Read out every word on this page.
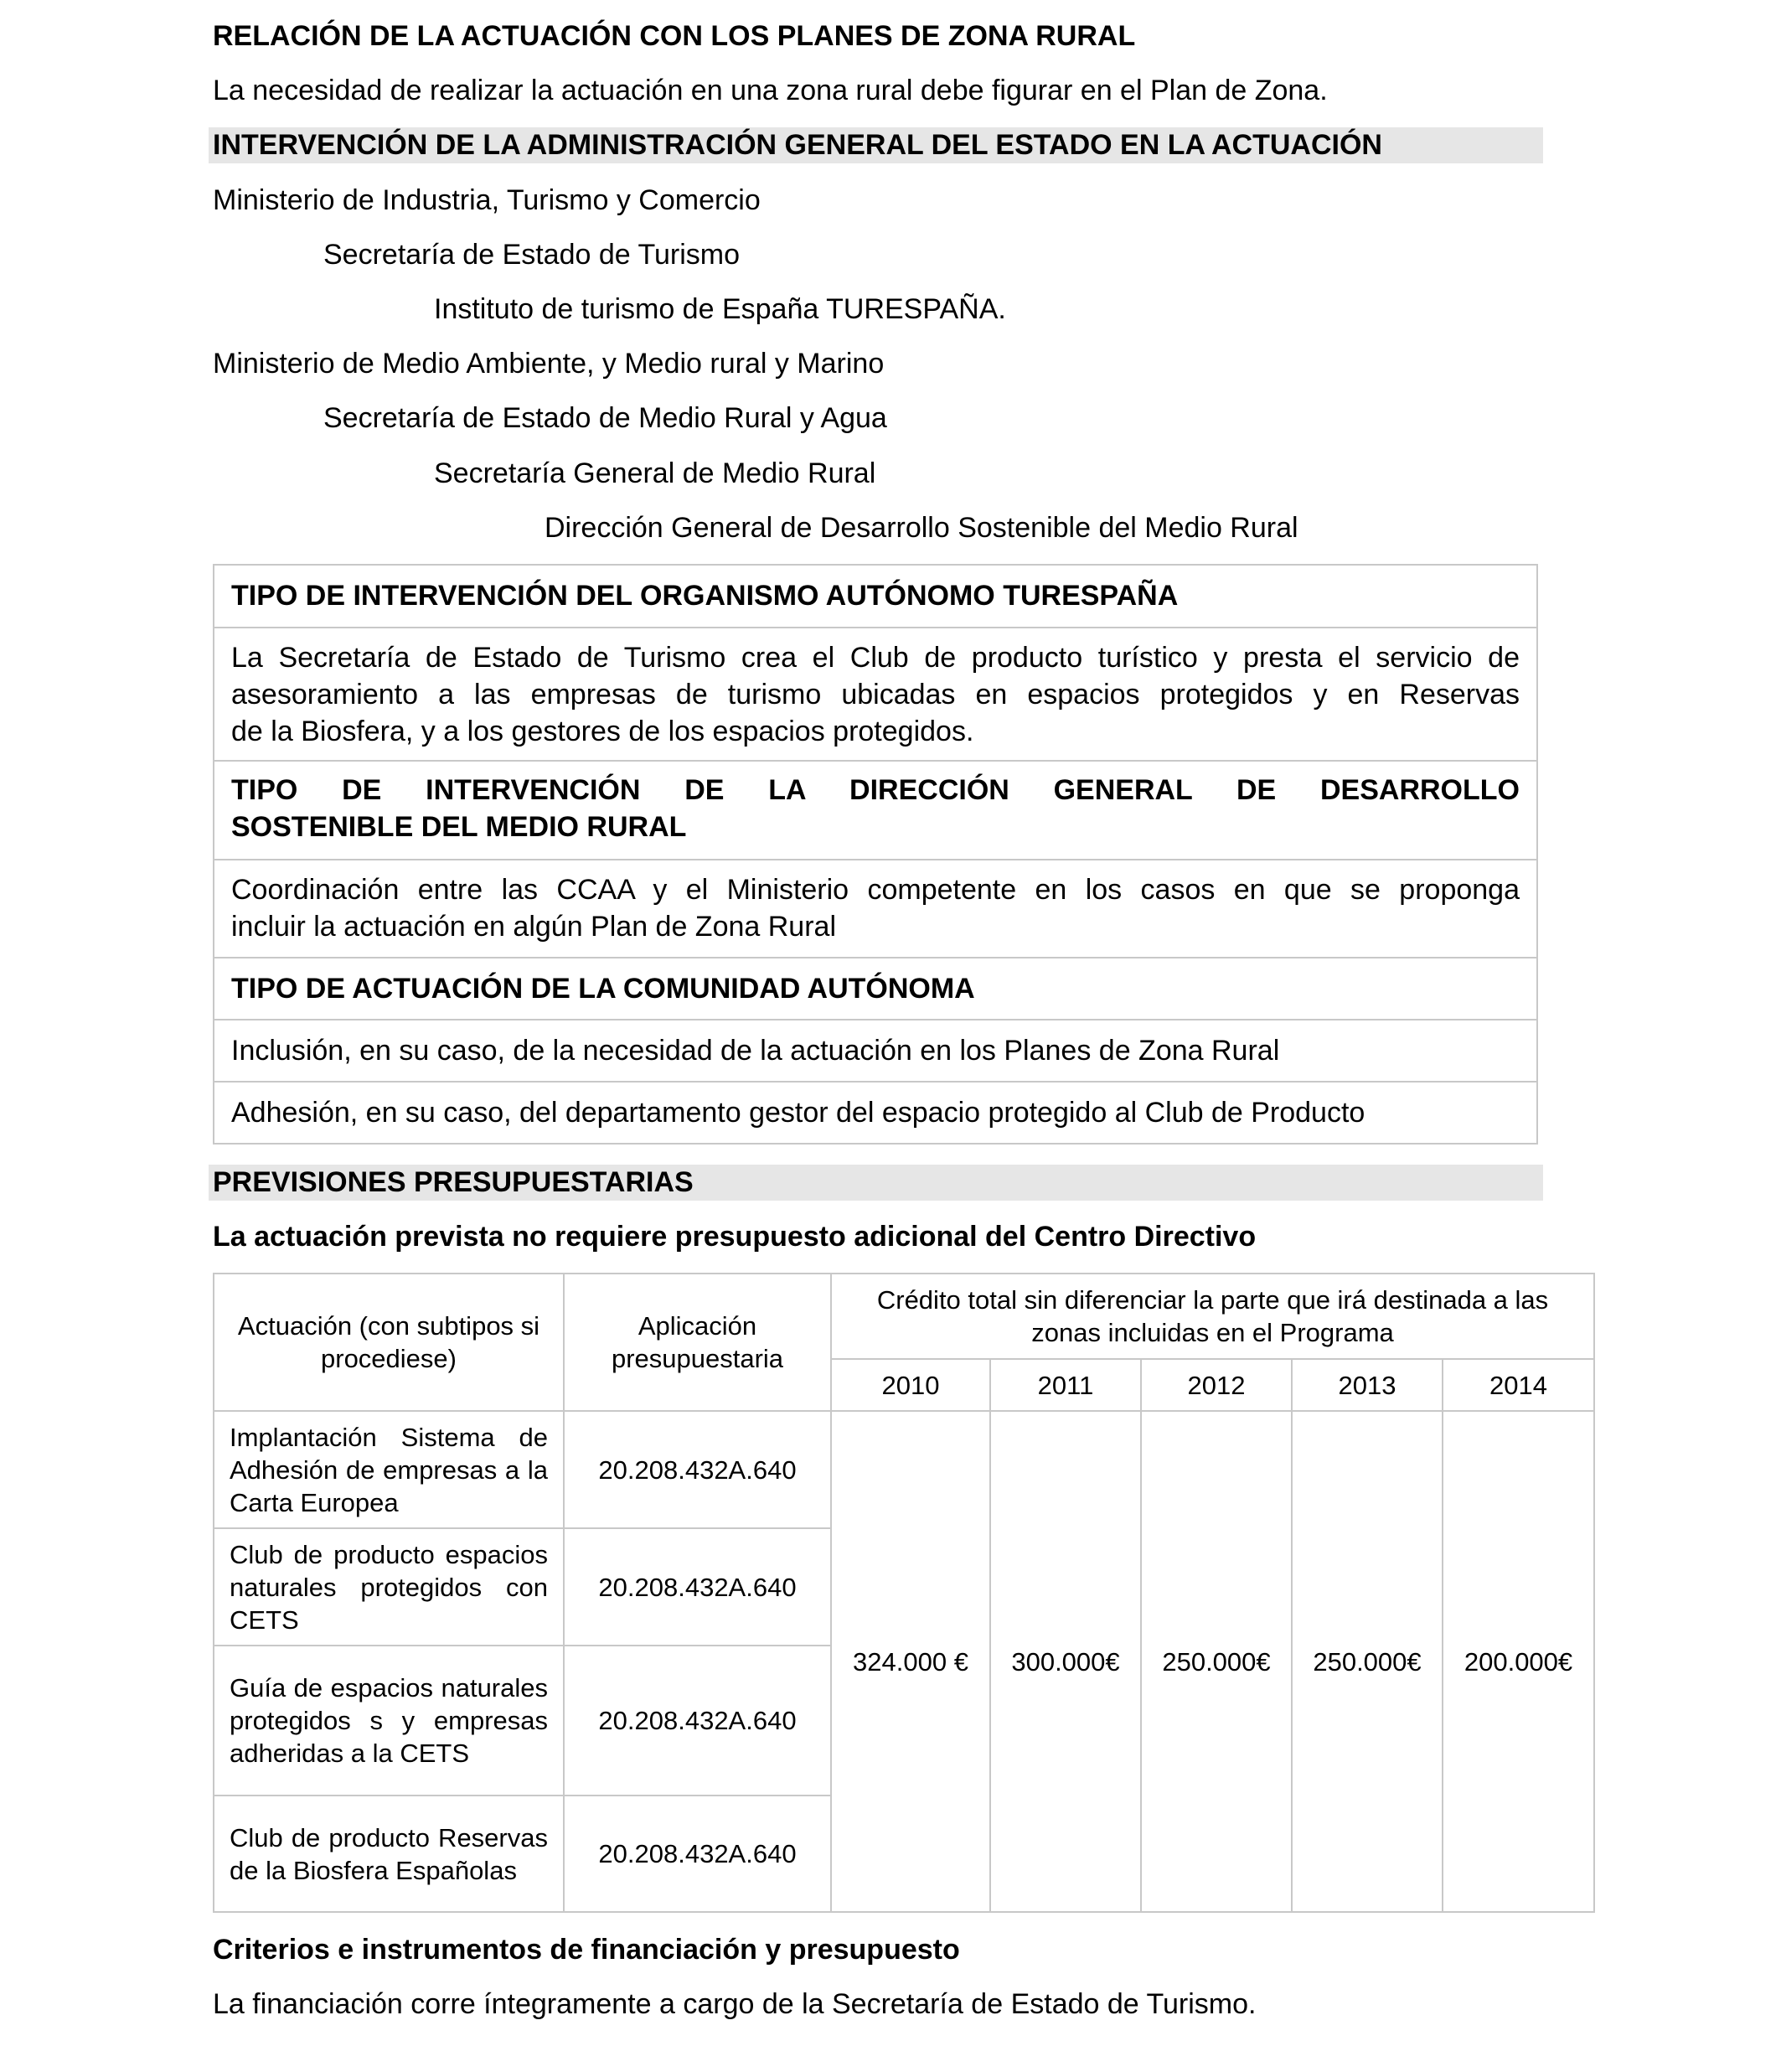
RELACIÓN DE LA ACTUACIÓN CON LOS PLANES DE ZONA RURAL
La necesidad de realizar la actuación en una zona rural debe figurar en el Plan de Zona.
INTERVENCIÓN DE LA ADMINISTRACIÓN GENERAL DEL ESTADO EN LA ACTUACIÓN
Ministerio de Industria, Turismo y Comercio
Secretaría de Estado de Turismo
Instituto de turismo de España TURESPAÑA.
Ministerio de Medio Ambiente, y Medio rural y Marino
Secretaría de Estado de Medio Rural y Agua
Secretaría General de Medio Rural
Dirección General de Desarrollo Sostenible del Medio Rural
TIPO DE INTERVENCIÓN DEL ORGANISMO AUTÓNOMO TURESPAÑA
La Secretaría de Estado de Turismo crea el Club de producto turístico y presta el servicio de
asesoramiento a las empresas de turismo ubicadas en espacios protegidos y en Reservas
de la Biosfera, y a los gestores de los espacios protegidos.
TIPO DE INTERVENCIÓN DE LA DIRECCIÓN GENERAL DE DESARROLLO
SOSTENIBLE DEL MEDIO RURAL
Coordinación entre las CCAA y el Ministerio competente en los casos en que se proponga
incluir la actuación en algún Plan de Zona Rural
TIPO DE ACTUACIÓN DE LA COMUNIDAD AUTÓNOMA
Inclusión, en su caso, de la necesidad de la actuación en los Planes de Zona Rural
Adhesión, en su caso, del departamento gestor del espacio protegido al Club de Producto
PREVISIONES PRESUPUESTARIAS
La actuación prevista no requiere presupuesto adicional del Centro Directivo
Actuación (con subtipos si procediese)	Aplicación presupuestaria	Crédito total sin diferenciar la parte que irá destinada a las zonas incluidas en el Programa				
		2010	2011	2012	2013	2014
Implantación Sistema de Adhesión de empresas a la Carta Europea	20.208.432A.640	324.000 €	300.000€	250.000€	250.000€	200.000€
Club de producto espacios naturales protegidos con CETS	20.208.432A.640					
Guía de espacios naturales protegidos s y empresas adheridas a la CETS	20.208.432A.640					
Club de producto Reservas de la Biosfera Españolas	20.208.432A.640					
Criterios e instrumentos de financiación y presupuesto
La financiación corre íntegramente a cargo de la Secretaría de Estado de Turismo.
